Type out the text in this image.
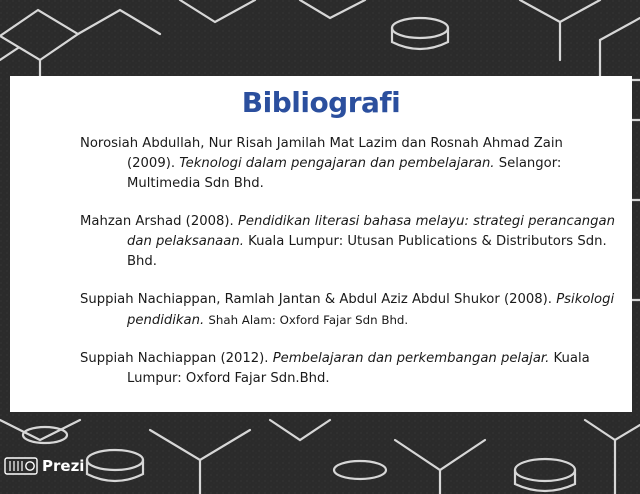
Bibliografi

Norosiah Abdullah, Nur Risah Jamilah Mat Lazim dan Rosnah Ahmad Zain (2009). Teknologi dalam pengajaran dan pembelajaran. Selangor: Multimedia Sdn Bhd.

Mahzan Arshad (2008). Pendidikan literasi bahasa melayu: strategi perancangan dan pelaksanaan. Kuala Lumpur: Utusan Publications & Distributors Sdn. Bhd.

Suppiah Nachiappan, Ramlah Jantan & Abdul Aziz Abdul Shukor (2008). Psikologi pendidikan. Shah Alam: Oxford Fajar Sdn Bhd.

Suppiah Nachiappan (2012). Pembelajaran dan perkembangan pelajar. Kuala Lumpur: Oxford Fajar Sdn.Bhd.

Prezi
